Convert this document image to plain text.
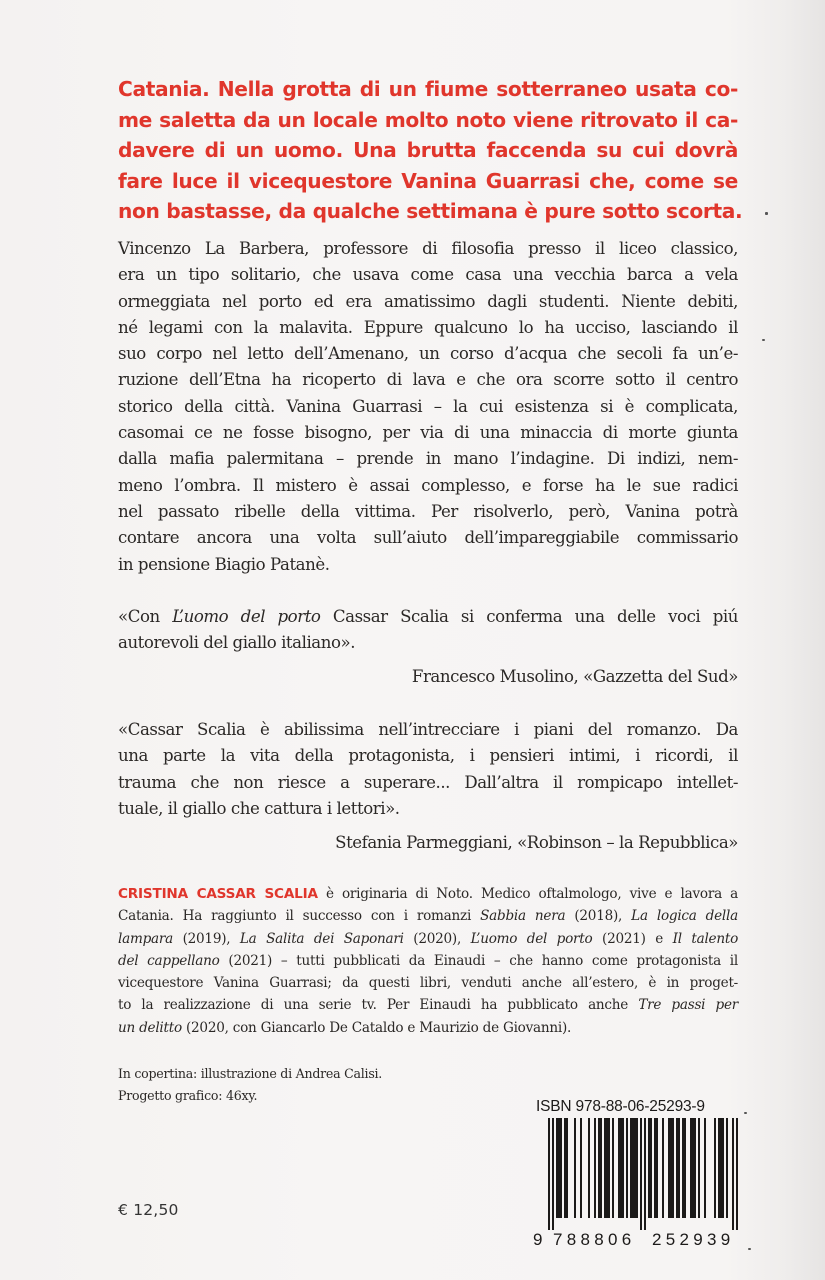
Catania. Nella grotta di un fiume sotterraneo usata co-
me saletta da un locale molto noto viene ritrovato il ca-
davere di un uomo. Una brutta faccenda su cui dovrà
fare luce il vicequestore Vanina Guarrasi che, come se
non bastasse, da qualche settimana è pure sotto scorta.
Vincenzo La Barbera, professore di filosofia presso il liceo classico,
era un tipo solitario, che usava come casa una vecchia barca a vela
ormeggiata nel porto ed era amatissimo dagli studenti. Niente debiti,
né legami con la malavita. Eppure qualcuno lo ha ucciso, lasciando il
suo corpo nel letto dell’Amenano, un corso d’acqua che secoli fa un’e-
ruzione dell’Etna ha ricoperto di lava e che ora scorre sotto il centro
storico della città. Vanina Guarrasi – la cui esistenza si è complicata,
casomai ce ne fosse bisogno, per via di una minaccia di morte giunta
dalla mafia palermitana – prende in mano l’indagine. Di indizi, nem-
meno l’ombra. Il mistero è assai complesso, e forse ha le sue radici
nel passato ribelle della vittima. Per risolverlo, però, Vanina potrà
contare ancora una volta sull’aiuto dell’impareggiabile commissario
in pensione Biagio Patanè.
«Con L’uomo del porto Cassar Scalia si conferma una delle voci piú
autorevoli del giallo italiano».
Francesco Musolino, «Gazzetta del Sud»
«Cassar Scalia è abilissima nell’intrecciare i piani del romanzo. Da
una parte la vita della protagonista, i pensieri intimi, i ricordi, il
trauma che non riesce a superare... Dall’altra il rompicapo intellet-
tuale, il giallo che cattura i lettori».
Stefania Parmeggiani, «Robinson – la Repubblica»
CRISTINA CASSAR SCALIA è originaria di Noto. Medico oftalmologo, vive e lavora a
Catania. Ha raggiunto il successo con i romanzi Sabbia nera (2018), La logica della
lampara (2019), La Salita dei Saponari (2020), L’uomo del porto (2021) e Il talento
del cappellano (2021) – tutti pubblicati da Einaudi – che hanno come protagonista il
vicequestore Vanina Guarrasi; da questi libri, venduti anche all’estero, è in proget-
to la realizzazione di una serie tv. Per Einaudi ha pubblicato anche Tre passi per
un delitto (2020, con Giancarlo De Cataldo e Maurizio de Giovanni).
In copertina: illustrazione di Andrea Calisi.
Progetto grafico: 46xy.
ISBN 978-88-06-25293-9
9 788806 252939
€ 12,50
